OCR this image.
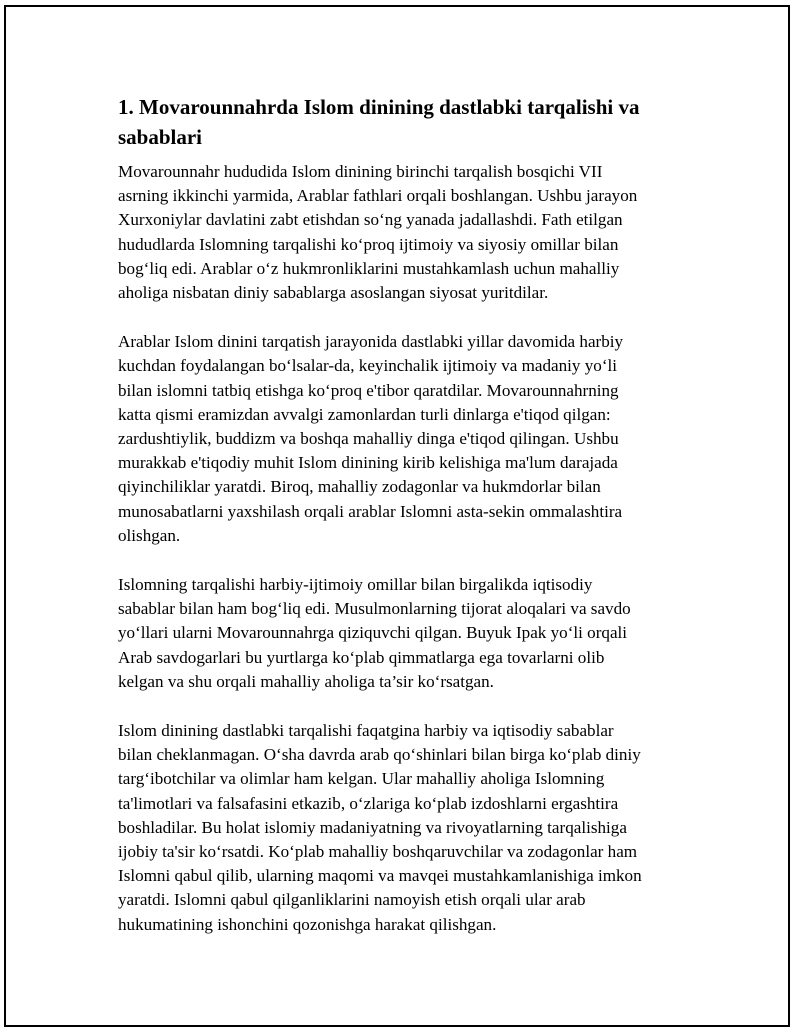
1. Movarounnahrda Islom dinining dastlabki tarqalishi va
sabablari

Movarounnahr hududida Islom dinining birinchi tarqalish bosqichi VII
asrning ikkinchi yarmida, Arablar fathlari orqali boshlangan. Ushbu jarayon
Xurxoniylar davlatini zabt etishdan so‘ng yanada jadallashdi. Fath etilgan
hududlarda Islomning tarqalishi ko‘proq ijtimoiy va siyosiy omillar bilan
bog‘liq edi. Arablar o‘z hukmronliklarini mustahkamlash uchun mahalliy
aholiga nisbatan diniy sabablarga asoslangan siyosat yuritdilar.

Arablar Islom dinini tarqatish jarayonida dastlabki yillar davomida harbiy
kuchdan foydalangan bo‘lsalar-da, keyinchalik ijtimoiy va madaniy yo‘li
bilan islomni tatbiq etishga ko‘proq e'tibor qaratdilar. Movarounnahrning
katta qismi eramizdan avvalgi zamonlardan turli dinlarga e'tiqod qilgan:
zardushtiylik, buddizm va boshqa mahalliy dinga e'tiqod qilingan. Ushbu
murakkab e'tiqodiy muhit Islom dinining kirib kelishiga ma'lum darajada
qiyinchiliklar yaratdi. Biroq, mahalliy zodagonlar va hukmdorlar bilan
munosabatlarni yaxshilash orqali arablar Islomni asta-sekin ommalashtira
olishgan.

Islomning tarqalishi harbiy-ijtimoiy omillar bilan birgalikda iqtisodiy
sabablar bilan ham bog‘liq edi. Musulmonlarning tijorat aloqalari va savdo
yo‘llari ularni Movarounnahrga qiziquvchi qilgan. Buyuk Ipak yo‘li orqali
Arab savdogarlari bu yurtlarga ko‘plab qimmatlarga ega tovarlarni olib
kelgan va shu orqali mahalliy aholiga ta’sir ko‘rsatgan.

Islom dinining dastlabki tarqalishi faqatgina harbiy va iqtisodiy sabablar
bilan cheklanmagan. O‘sha davrda arab qo‘shinlari bilan birga ko‘plab diniy
targ‘ibotchilar va olimlar ham kelgan. Ular mahalliy aholiga Islomning
ta'limotlari va falsafasini etkazib, o‘zlariga ko‘plab izdoshlarni ergashtira
boshladilar. Bu holat islomiy madaniyatning va rivoyatlarning tarqalishiga
ijobiy ta'sir ko‘rsatdi. Ko‘plab mahalliy boshqaruvchilar va zodagonlar ham
Islomni qabul qilib, ularning maqomi va mavqei mustahkamlanishiga imkon
yaratdi. Islomni qabul qilganliklarini namoyish etish orqali ular arab
hukumatining ishonchini qozonishga harakat qilishgan.
